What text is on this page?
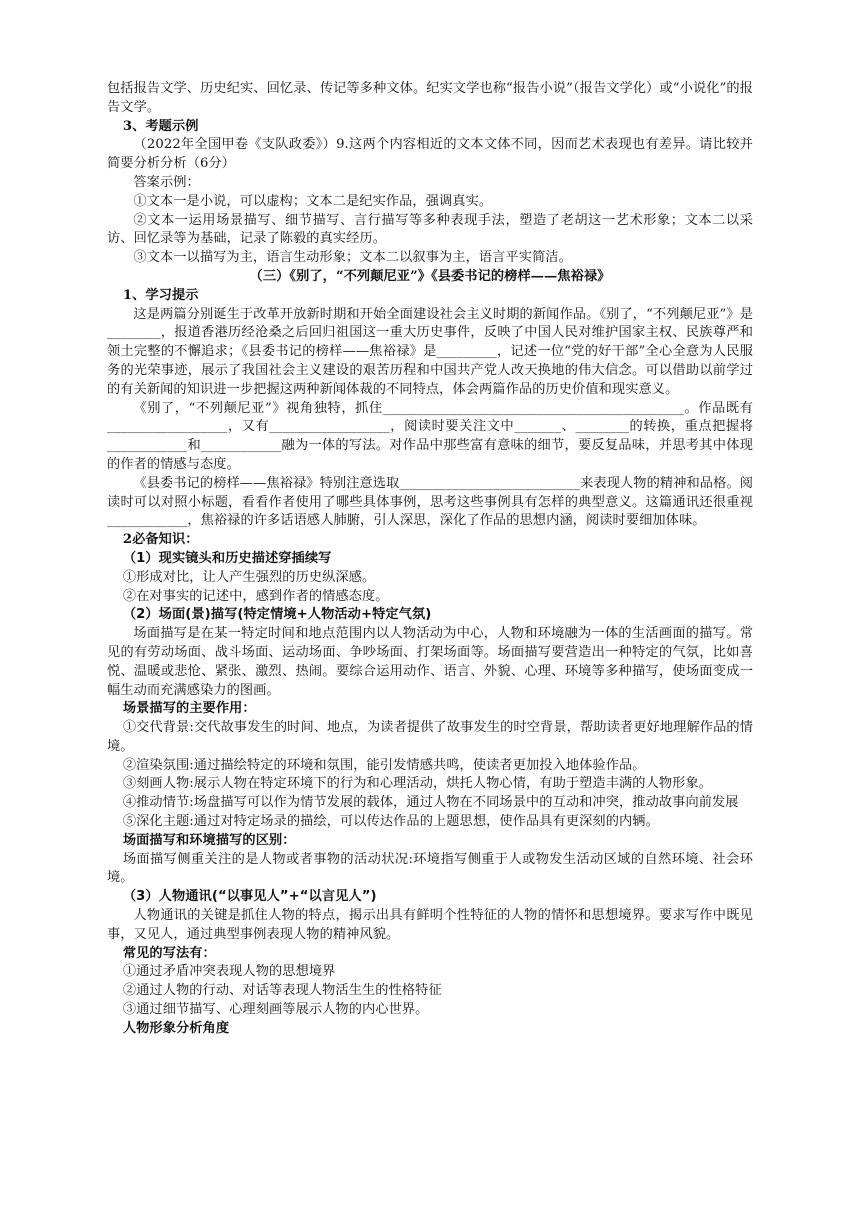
包括报告文学、历史纪实、回忆录、传记等多种文体。纪实文学也称“报告小说”（报告文学化）或“小说化”的报告文学。

3、考题示例

（2022年全国甲卷《支队政委》）9.这两个内容相近的文本文体不同，因而艺术表现也有差异。请比较并简要分析分析（6分）

答案示例：

①文本一是小说，可以虚构；文本二是纪实作品，强调真实。

②文本一运用场景描写、细节描写、言行描写等多种表现手法，塑造了老胡这一艺术形象；文本二以采访、回忆录等为基础，记录了陈毅的真实经历。

③文本一以描写为主，语言生动形象；文本二以叙事为主，语言平实简洁。

（三）《别了，“不列颠尼亚”》《县委书记的榜样——焦裕禄》

1、学习提示

这是两篇分别诞生于改革开放新时期和开始全面建设社会主义时期的新闻作品。《别了，“不列颠尼亚”》是________，报道香港历经沧桑之后回归祖国这一重大历史事件，反映了中国人民对维护国家主权、民族尊严和领土完整的不懈追求；《县委书记的榜样——焦裕禄》是_________，记述一位“党的好干部”全心全意为人民服务的光荣事迹，展示了我国社会主义建设的艰苦历程和中国共产党人改天换地的伟大信念。可以借助以前学过的有关新闻的知识进一步把握这两种新闻体裁的不同特点，体会两篇作品的历史价值和现实意义。

《别了，“不列颠尼亚”》视角独特，抓住_____________________________________________。作品既有__________________，又有__________________，阅读时要关注文中_______、________的转换，重点把握将____________和____________融为一体的写法。对作品中那些富有意味的细节，要反复品味，并思考其中体现的作者的情感与态度。

《县委书记的榜样——焦裕禄》特别注意选取___________________________来表现人物的精神和品格。阅读时可以对照小标题，看看作者使用了哪些具体事例，思考这些事例具有怎样的典型意义。这篇通讯还很重视____________，焦裕禄的许多话语感人肺腑，引人深思，深化了作品的思想内涵，阅读时要细加体味。

2必备知识：

（1）现实镜头和历史描述穿插续写

①形成对比，让人产生强烈的历史纵深感。

②在对事实的记述中，感到作者的情感态度。

（2）场面(景)描写(特定情境+人物活动+特定气氛)

场面描写是在某一特定时间和地点范围内以人物活动为中心，人物和环境融为一体的生活画面的描写。常见的有劳动场面、战斗场面、运动场面、争吵场面、打架场面等。场面描写要营造出一种特定的气氛，比如喜悦、温暖或悲怆、紧张、激烈、热闹。要综合运用动作、语言、外貌、心理、环境等多种描写，使场面变成一幅生动而充满感染力的图画。

场景描写的主要作用：

①交代背景:交代故事发生的时间、地点，为读者提供了故事发生的时空背景，帮助读者更好地理解作品的情境。

②渲染氛围:通过描绘特定的环境和氛围，能引发情感共鸣，使读者更加投入地体验作品。

③刻画人物:展示人物在特定环境下的行为和心理活动，烘托人物心情，有助于塑造丰满的人物形象。

④推动情节:场盘描写可以作为情节发展的载体，通过人物在不同场景中的互动和冲突，推动故事向前发展

⑤深化主题:通过对特定场录的描绘，可以传达作品的上题思想，使作品具有更深刻的内辆。

场面描写和环境描写的区别：

场面描写侧重关注的是人物或者事物的活动状况:环境指写侧重于人或物发生活动区域的自然环境、社会环境。

（3）人物通讯(“以事见人”+“以言见人”)

人物通讯的关键是抓住人物的特点，揭示出具有鲜明个性特征的人物的情怀和思想境界。要求写作中既见事，又见人，通过典型事例表现人物的精神风貌。

常见的写法有：

①通过矛盾冲突表现人物的思想境界

②通过人物的行动、对话等表现人物活生生的性格特征

③通过细节描写、心理刻画等展示人物的内心世界。

人物形象分析角度
